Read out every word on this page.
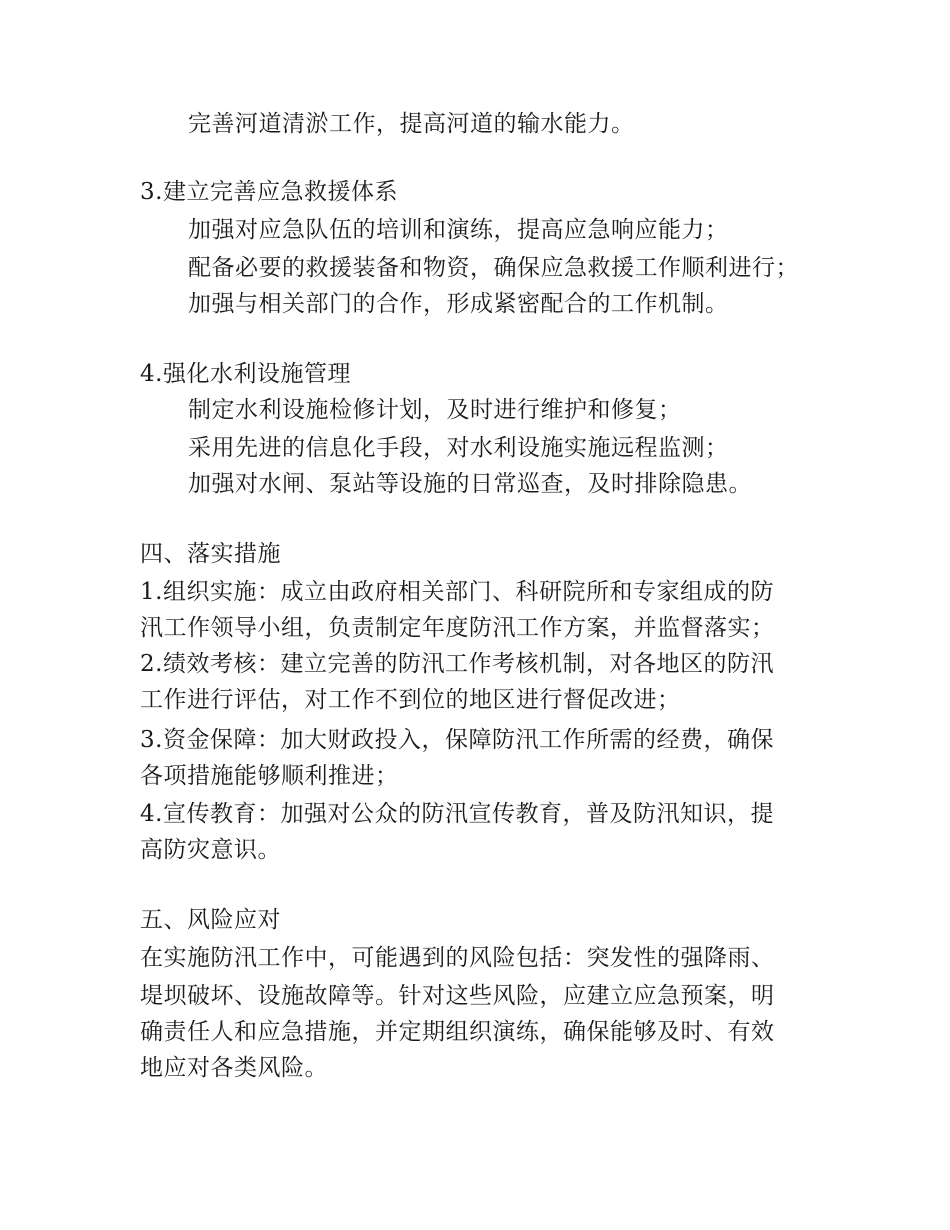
完善河道清淤工作，提高河道的输水能力。
3.建立完善应急救援体系
加强对应急队伍的培训和演练，提高应急响应能力；
配备必要的救援装备和物资，确保应急救援工作顺利进行；
加强与相关部门的合作，形成紧密配合的工作机制。
4.强化水利设施管理
制定水利设施检修计划，及时进行维护和修复；
采用先进的信息化手段，对水利设施实施远程监测；
加强对水闸、泵站等设施的日常巡查，及时排除隐患。
四、落实措施
1.组织实施：成立由政府相关部门、科研院所和专家组成的防
汛工作领导小组，负责制定年度防汛工作方案，并监督落实；
2.绩效考核：建立完善的防汛工作考核机制，对各地区的防汛
工作进行评估，对工作不到位的地区进行督促改进；
3.资金保障：加大财政投入，保障防汛工作所需的经费，确保
各项措施能够顺利推进；
4.宣传教育：加强对公众的防汛宣传教育，普及防汛知识，提
高防灾意识。
五、风险应对
在实施防汛工作中，可能遇到的风险包括：突发性的强降雨、
堤坝破坏、设施故障等。针对这些风险，应建立应急预案，明
确责任人和应急措施，并定期组织演练，确保能够及时、有效
地应对各类风险。
